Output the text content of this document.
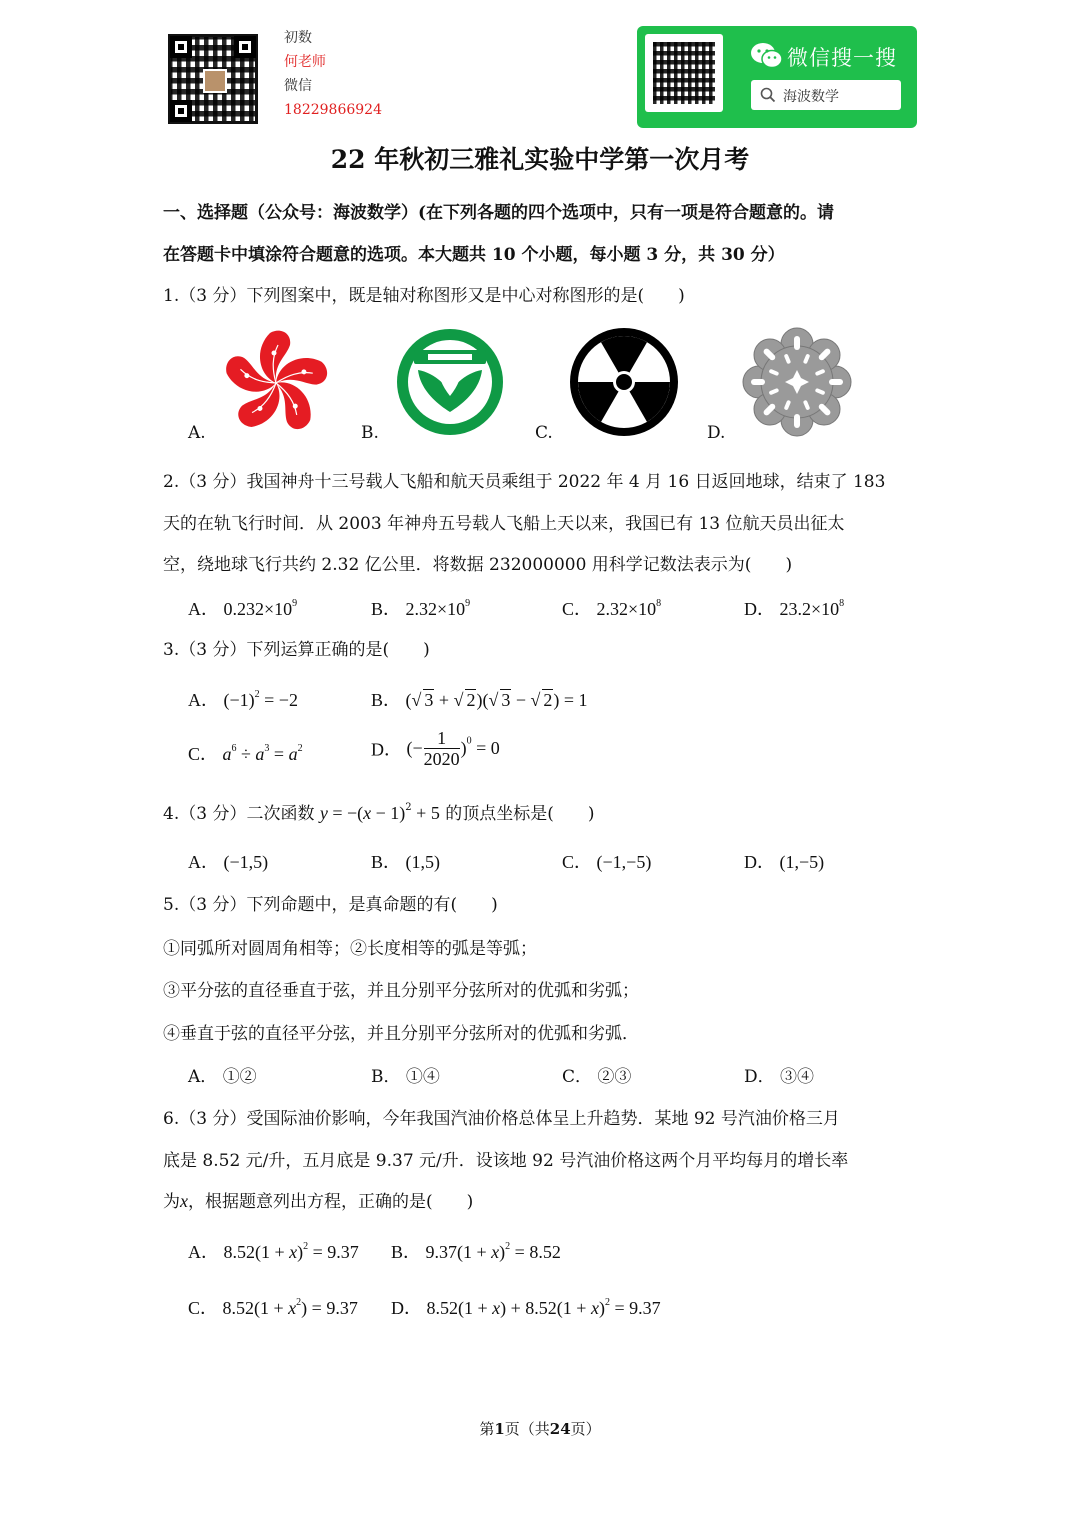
初数
何老师
微信
18229866924
微信搜一搜
海波数学
22 年秋初三雅礼实验中学第一次月考
一、选择题（公众号：海波数学）(在下列各题的四个选项中，只有一项是符合题意的。请
在答题卡中填涂符合题意的选项。本大题共 10 个小题，每小题 3 分，共 30 分）
1.（3 分）下列图案中，既是轴对称图形又是中心对称图形的是(　　)
A.	B.	C.	D.
2.（3 分）我国神舟十三号载人飞船和航天员乘组于 2022 年 4 月 16 日返回地球，结束了 183
天的在轨飞行时间．从 2003 年神舟五号载人飞船上天以来，我国已有 13 位航天员出征太
空，绕地球飞行共约 2.32 亿公里．将数据 232000000 用科学记数法表示为(　　)
A． $0.232\times 10^9$	B． $2.32\times 10^9$	C． $2.32\times 10^8$	D． $23.2\times 10^8$
3.（3 分）下列运算正确的是(　　)
A． $(-1)^2 = -2$	B． (√ 3 + √ 2)(√ 3 − √ 2) = 1
C． $a^6 \div a^3 = a^2$	D． (− $\frac{1}{2020} )^0 = 0$
4.（3 分）二次函数 $y = -(x - 1)^2 + 5$ 的顶点坐标是(　　)
A． (−1,5)	B． (1,5)	C． (−1,−5)	D． (1,−5)
5.（3 分）下列命题中，是真命题的有(　　)
①同弧所对圆周角相等；②长度相等的弧是等弧；
③平分弦的直径垂直于弦，并且分别平分弦所对的优弧和劣弧；
④垂直于弦的直径平分弦，并且分别平分弦所对的优弧和劣弧．
A． ①②	B． ①④	C． ②③	D． ③④
6.（3 分）受国际油价影响，今年我国汽油价格总体呈上升趋势．某地 92 号汽油价格三月
底是 8.52 元/升，五月底是 9.37 元/升．设该地 92 号汽油价格这两个月平均每月的增长率
为x，根据题意列出方程，正确的是(　　)
A． $8.52(1 + x)^2 = 9.37$ B． $9.37(1 + x)^2 = 8.52$
C． $8.52(1 + x^2) = 9.37$ D． $8.52(1 + x) + 8.52(1 + x)^2 = 9.37$
第1页（共24页）
